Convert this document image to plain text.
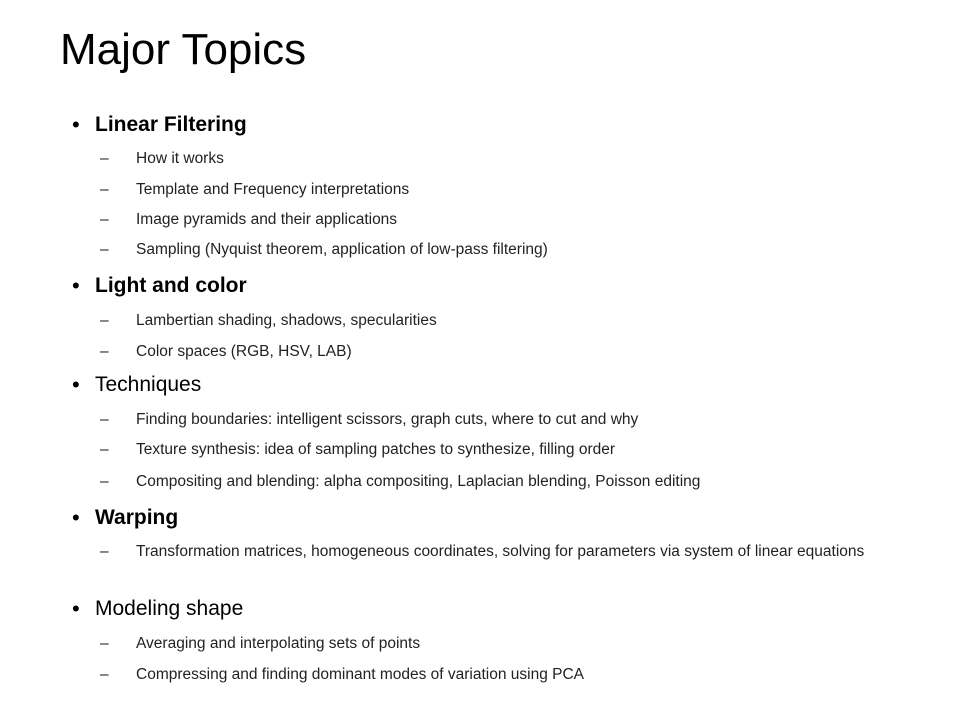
Major Topics
• Linear Filtering
– How it works
– Template and Frequency interpretations
– Image pyramids and their applications
– Sampling (Nyquist theorem, application of low-pass filtering)
• Light and color
– Lambertian shading, shadows, specularities
– Color spaces (RGB, HSV, LAB)
• Techniques
– Finding boundaries: intelligent scissors, graph cuts, where to cut and why
– Texture synthesis: idea of sampling patches to synthesize, filling order
– Compositing and blending: alpha compositing, Laplacian blending, Poisson editing
• Warping
– Transformation matrices, homogeneous coordinates, solving for parameters via system of linear equations
• Modeling shape
– Averaging and interpolating sets of points
– Compressing and finding dominant modes of variation using PCA
